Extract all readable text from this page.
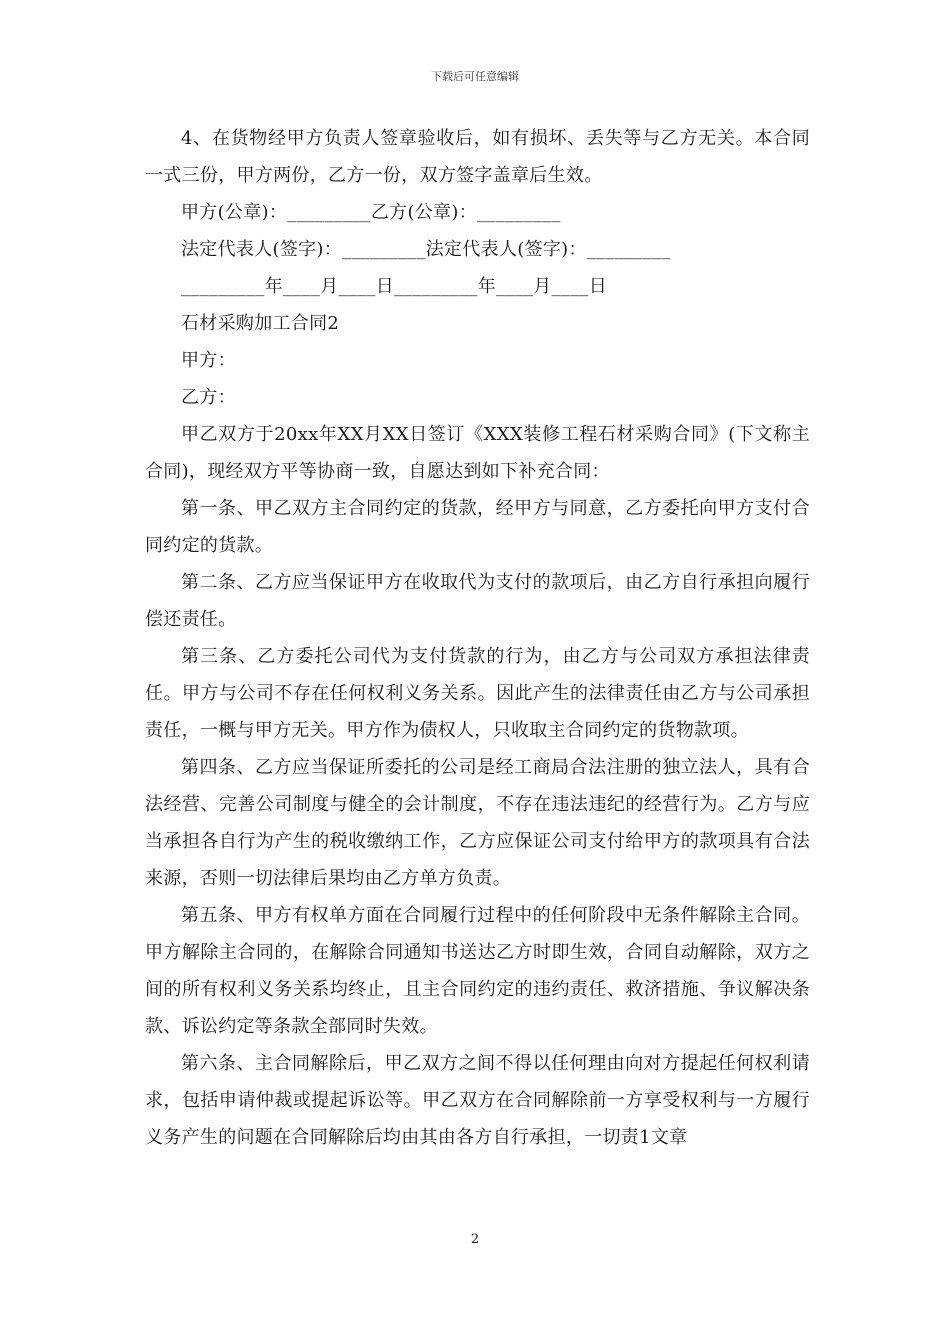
下载后可任意编辑

4、在货物经甲方负责人签章验收后，如有损坏、丢失等与乙方无关。本合同一式三份，甲方两份，乙方一份，双方签字盖章后生效。

甲方(公章)：_________乙方(公章)：_________

法定代表人(签字)：_________法定代表人(签字)：_________

_________年____月____日_________年____月____日

石材采购加工合同2

甲方：

乙方：

甲乙双方于20xx年XX月XX日签订《XXX装修工程石材采购合同》(下文称主合同)，现经双方平等协商一致，自愿达到如下补充合同：

第一条、甲乙双方主合同约定的货款，经甲方与同意，乙方委托向甲方支付合同约定的货款。

第二条、乙方应当保证甲方在收取代为支付的款项后，由乙方自行承担向履行偿还责任。

第三条、乙方委托公司代为支付货款的行为，由乙方与公司双方承担法律责任。甲方与公司不存在任何权利义务关系。因此产生的法律责任由乙方与公司承担责任，一概与甲方无关。甲方作为债权人，只收取主合同约定的货物款项。

第四条、乙方应当保证所委托的公司是经工商局合法注册的独立法人，具有合法经营、完善公司制度与健全的会计制度，不存在违法违纪的经营行为。乙方与应当承担各自行为产生的税收缴纳工作，乙方应保证公司支付给甲方的款项具有合法来源，否则一切法律后果均由乙方单方负责。

第五条、甲方有权单方面在合同履行过程中的任何阶段中无条件解除主合同。甲方解除主合同的，在解除合同通知书送达乙方时即生效，合同自动解除，双方之间的所有权利义务关系均终止，且主合同约定的违约责任、救济措施、争议解决条款、诉讼约定等条款全部同时失效。

第六条、主合同解除后，甲乙双方之间不得以任何理由向对方提起任何权利请求，包括申请仲裁或提起诉讼等。甲乙双方在合同解除前一方享受权利与一方履行义务产生的问题在合同解除后均由其由各方自行承担，一切责1文章

2
